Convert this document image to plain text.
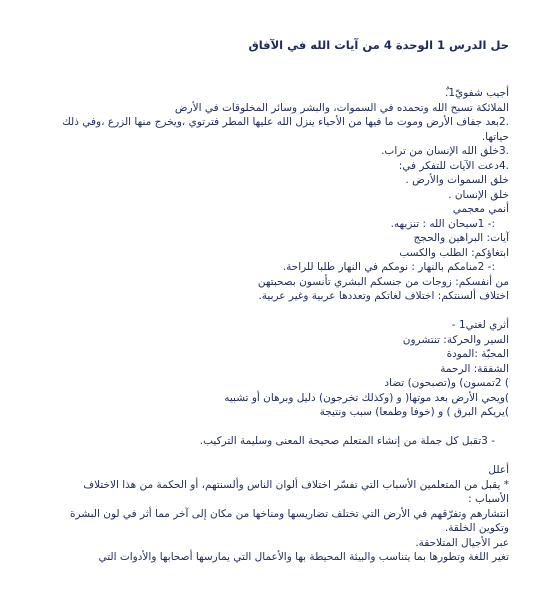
حل الدرس 1 الوحدة 4 من آيات الله في الآفاق
أجيب شفويّ1.ٌ
الملائكة تسبح الله وتحمده في السموات، والبشر وسائر المخلوقات في الأرض
.2بعد جفاف الأرض وموت ما فيها من الأحياء ينزل الله عليها المطر فترتوي ،ويخرج منها الزرع ،وفي ذلك
حياتها.
.3خلق الله الإنسان من تراب.
.4دعت الآيات للتفكر في:
خلق السموات والأرض .
خلق الإنسان .
أنمي معجمي
:- 1سبحان الله : تنزيهه.
آيات: البراهين والحجج
ابتغاؤكم: الطلب والكسب
:- 2منامكم بالنهار : نومكم في النهار طلبا للراحة.
من أنفسكم: زوجات من جنسكم البشري تأنسون بصحبتهن
اختلاف ألسنتكم: اختلاف لغاتكم وتعددها عربية وغير عربية.
أثري لغتي1 -
السير والحركة: تنتشرون
المحبّة :المودة
الشفقة: الرحمة
) 2تمسون) و(تصبحون) تضاد
)ويحي الأرض بعد موتها( و (وكذلك تخرجون) دليل وبرهان أو تشبيه
)يريكم البرق ) و (خوفا وطمعا) سبب ونتيجة
- 3تقبل كل جملة من إنشاء المتعلم صحيحة المعنى وسليمة التركيب.
أعلل
* يقبل من المتعلمين الأسباب التي تفسّر اختلاف ألوان الناس وألسنتهم، أو الحكمة من هذا الاختلاف
الأسباب :
انتشارهم وتفرّقهم في الأرض التي تختلف تضاريسها ومناخها من مكان إلى آخر مما أثر في لون البشرة
وتكوين الخلقة.
عبر الأجيال المتلاحقة.
تغير اللغة وتطورها بما يتناسب والبيئة المحيطة بها والأعمال التي يمارسها أصحابها والأدوات التي
